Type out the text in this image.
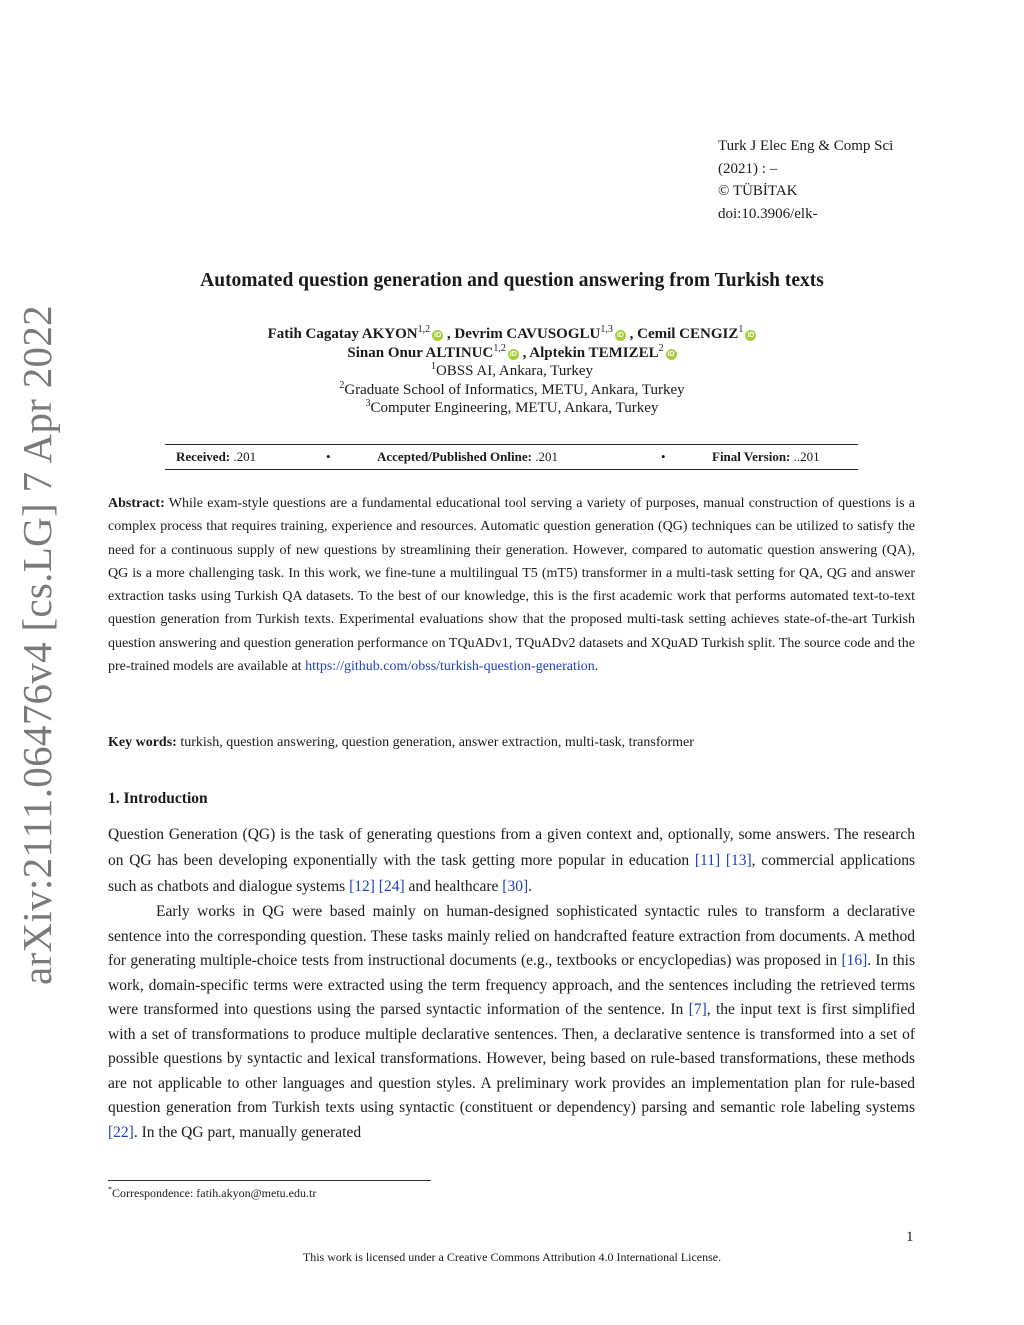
arXiv:2111.06476v4 [cs.LG] 7 Apr 2022
Turk J Elec Eng & Comp Sci
(2021) : –
© TÜBİTAK
doi:10.3906/elk-
Automated question generation and question answering from Turkish texts
Fatih Cagatay AKYON$^{1,2}$iD , Devrim CAVUSOGLU$^{1,3}$iD , Cemil CENGIZ$^1$iD
Sinan Onur ALTINUC$^{1,2}$iD , Alptekin TEMIZEL$^2$iD
$^1$OBSS AI, Ankara, Turkey
$^2$Graduate School of Informatics, METU, Ankara, Turkey
$^3$Computer Engineering, METU, Ankara, Turkey
Received: .201	•	Accepted/Published Online: .201	•	Final Version: ..201
Abstract: While exam-style questions are a fundamental educational tool serving a variety of purposes, manual construction of questions is a complex process that requires training, experience and resources. Automatic question generation (QG) techniques can be utilized to satisfy the need for a continuous supply of new questions by streamlining their generation. However, compared to automatic question answering (QA), QG is a more challenging task. In this work, we fine-tune a multilingual T5 (mT5) transformer in a multi-task setting for QA, QG and answer extraction tasks using Turkish QA datasets. To the best of our knowledge, this is the first academic work that performs automated text-to-text question generation from Turkish texts. Experimental evaluations show that the proposed multi-task setting achieves state-of-the-art Turkish question answering and question generation performance on TQuADv1, TQuADv2 datasets and XQuAD Turkish split. The source code and the pre-trained models are available at https://github.com/obss/turkish-question-generation.
Key words: turkish, question answering, question generation, answer extraction, multi-task, transformer
1. Introduction
Question Generation (QG) is the task of generating questions from a given context and, optionally, some answers. The research on QG has been developing exponentially with the task getting more popular in education [11] [13], commercial applications such as chatbots and dialogue systems [12] [24] and healthcare [30].
Early works in QG were based mainly on human-designed sophisticated syntactic rules to transform a declarative sentence into the corresponding question. These tasks mainly relied on handcrafted feature extraction from documents. A method for generating multiple-choice tests from instructional documents (e.g., textbooks or encyclopedias) was proposed in [16]. In this work, domain-specific terms were extracted using the term frequency approach, and the sentences including the retrieved terms were transformed into questions using the parsed syntactic information of the sentence. In [7], the input text is first simplified with a set of transformations to produce multiple declarative sentences. Then, a declarative sentence is transformed into a set of possible questions by syntactic and lexical transformations. However, being based on rule-based transformations, these methods are not applicable to other languages and question styles. A preliminary work provides an implementation plan for rule-based question generation from Turkish texts using syntactic (constituent or dependency) parsing and semantic role labeling systems [22]. In the QG part, manually generated
*Correspondence: fatih.akyon@metu.edu.tr
1
This work is licensed under a Creative Commons Attribution 4.0 International License.
